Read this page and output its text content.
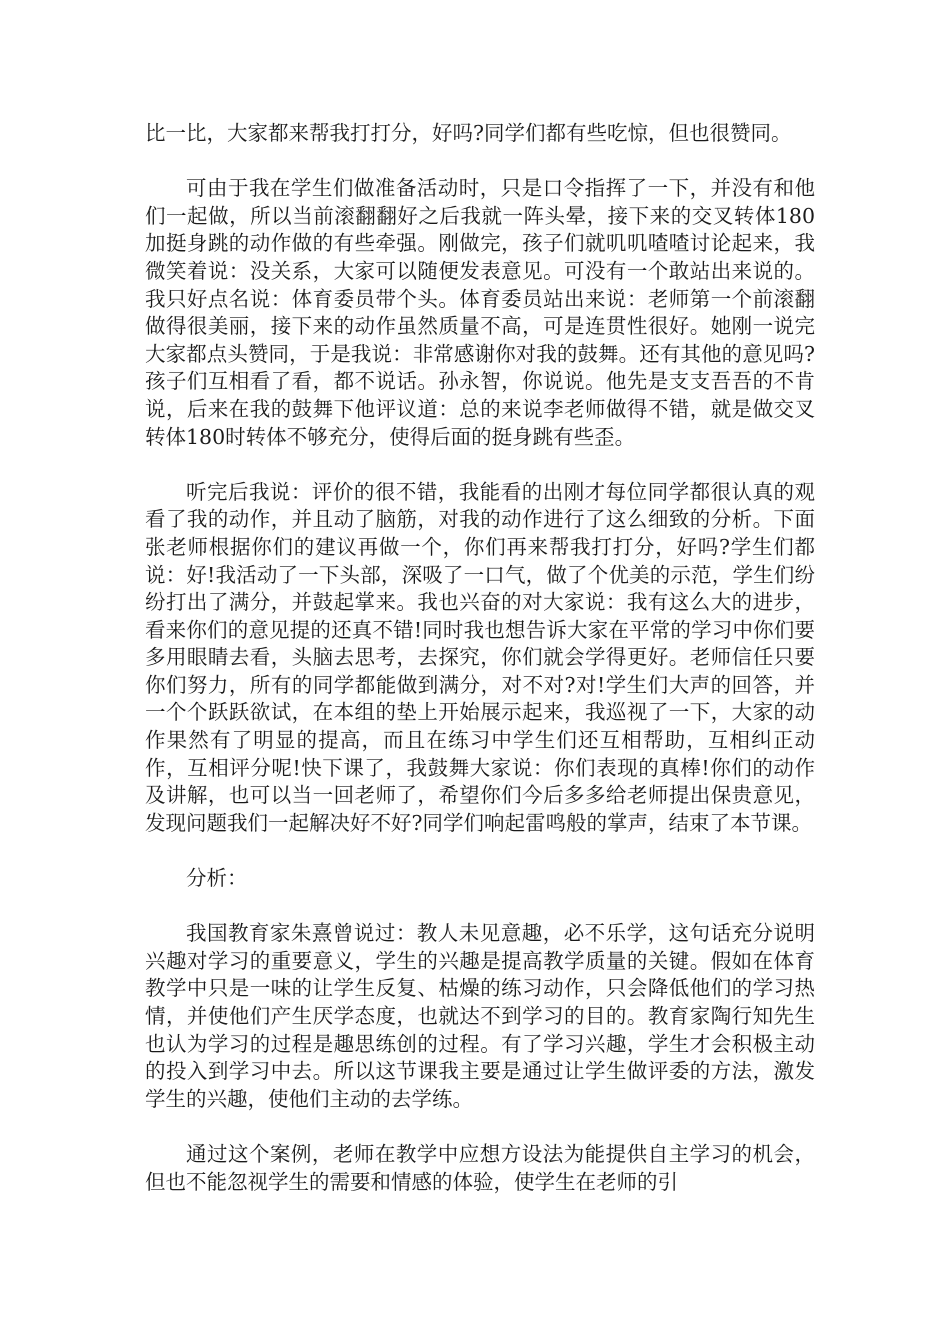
比一比，大家都来帮我打打分，好吗?同学们都有些吃惊，但也很赞同。

可由于我在学生们做准备活动时，只是口令指挥了一下，并没有和他们一起做，所以当前滚翻翻好之后我就一阵头晕，接下来的交叉转体180加挺身跳的动作做的有些牵强。刚做完，孩子们就叽叽喳喳讨论起来，我微笑着说：没关系，大家可以随便发表意见。可没有一个敢站出来说的。我只好点名说：体育委员带个头。体育委员站出来说：老师第一个前滚翻做得很美丽，接下来的动作虽然质量不高，可是连贯性很好。她刚一说完大家都点头赞同，于是我说：非常感谢你对我的鼓舞。还有其他的意见吗?孩子们互相看了看，都不说话。孙永智，你说说。他先是支支吾吾的不肯说，后来在我的鼓舞下他评议道：总的来说李老师做得不错，就是做交叉转体180时转体不够充分，使得后面的挺身跳有些歪。

听完后我说：评价的很不错，我能看的出刚才每位同学都很认真的观看了我的动作，并且动了脑筋，对我的动作进行了这么细致的分析。下面张老师根据你们的建议再做一个，你们再来帮我打打分，好吗?学生们都说：好!我活动了一下头部，深吸了一口气，做了个优美的示范，学生们纷纷打出了满分，并鼓起掌来。我也兴奋的对大家说：我有这么大的进步，看来你们的意见提的还真不错!同时我也想告诉大家在平常的学习中你们要多用眼睛去看，头脑去思考，去探究，你们就会学得更好。老师信任只要你们努力，所有的同学都能做到满分，对不对?对!学生们大声的回答，并一个个跃跃欲试，在本组的垫上开始展示起来，我巡视了一下，大家的动作果然有了明显的提高，而且在练习中学生们还互相帮助，互相纠正动作，互相评分呢!快下课了，我鼓舞大家说：你们表现的真棒!你们的动作及讲解，也可以当一回老师了，希望你们今后多多给老师提出保贵意见，发现问题我们一起解决好不好?同学们响起雷鸣般的掌声，结束了本节课。

分析：

我国教育家朱熹曾说过：教人未见意趣，必不乐学，这句话充分说明兴趣对学习的重要意义，学生的兴趣是提高教学质量的关键。假如在体育教学中只是一味的让学生反复、枯燥的练习动作，只会降低他们的学习热情，并使他们产生厌学态度，也就达不到学习的目的。教育家陶行知先生也认为学习的过程是趣思练创的过程。有了学习兴趣，学生才会积极主动的投入到学习中去。所以这节课我主要是通过让学生做评委的方法，激发学生的兴趣，使他们主动的去学练。

通过这个案例，老师在教学中应想方设法为能提供自主学习的机会，但也不能忽视学生的需要和情感的体验，使学生在老师的引
